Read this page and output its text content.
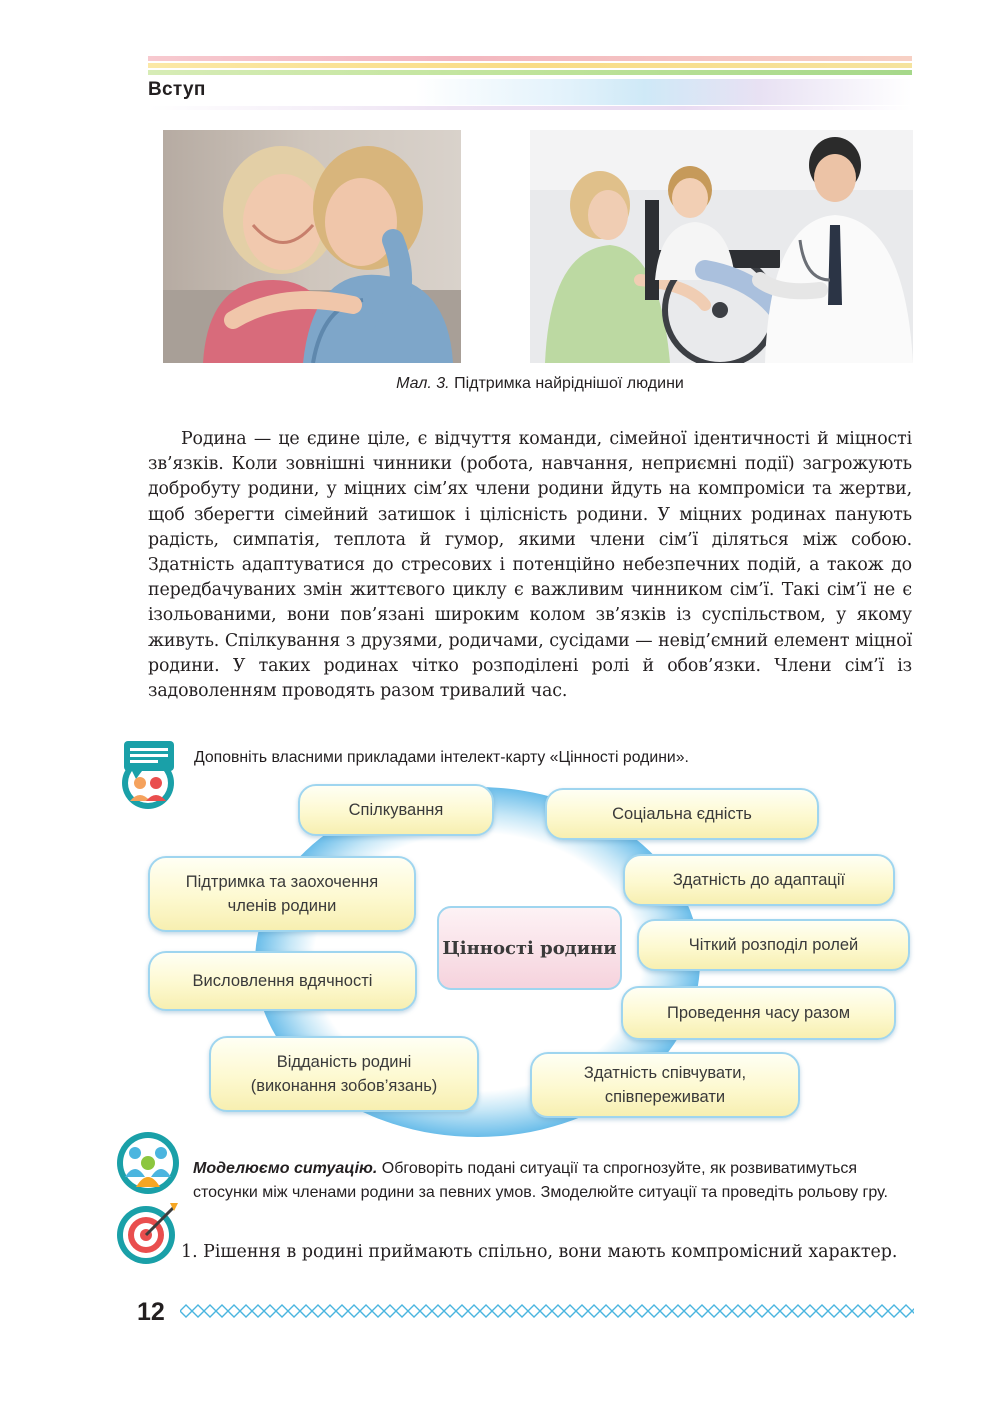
Вступ
Мал. 3. Підтримка найріднішої людини

Родина — це єдине ціле, є відчуття команди, сімейної ідентичності й міцності зв’язків. Коли зовнішні чинники (робота, навчання, неприємні події) загрожують добробуту родини, у міцних сім’ях члени родини йдуть на компроміси та жертви, щоб зберегти сімейний затишок і цілісність родини. У міцних родинах панують радість, симпатія, теплота й гумор, якими члени сім’ї діляться між собою. Здатність адаптуватися до стресових і потенційно небезпечних подій, а також до передбачуваних змін життєвого циклу є важливим чинником сім’ї. Такі сім’ї не є ізольованими, вони пов’язані широким колом зв’язків із суспільством, у якому живуть. Спілкування з друзями, родичами, сусідами — невід’ємний елемент міцної родини. У таких родинах чітко розподілені ролі й обов’язки. Члени сім’ї із задоволенням проводять разом тривалий час.

Доповніть власними прикладами інтелект-карту «Цінності родини».
Цінності родини
Спілкування	Соціальна єдність
Підтримка та заохочення
членів родини
Здатність до адаптації
Чіткий розподіл ролей
Висловлення вдячності
Проведення часу разом
Відданість родині
(виконання зобов’язань)
Здатність співчувати,
співпереживати
Моделюємо ситуацію. Обговоріть подані ситуації та спрогнозуйте, як розвиватимуться стосунки між членами родини за певних умов. Змоделюйте ситуації та проведіть рольову гру.

1. Рішення в родині приймають спільно, вони мають компромісний характер.

12
